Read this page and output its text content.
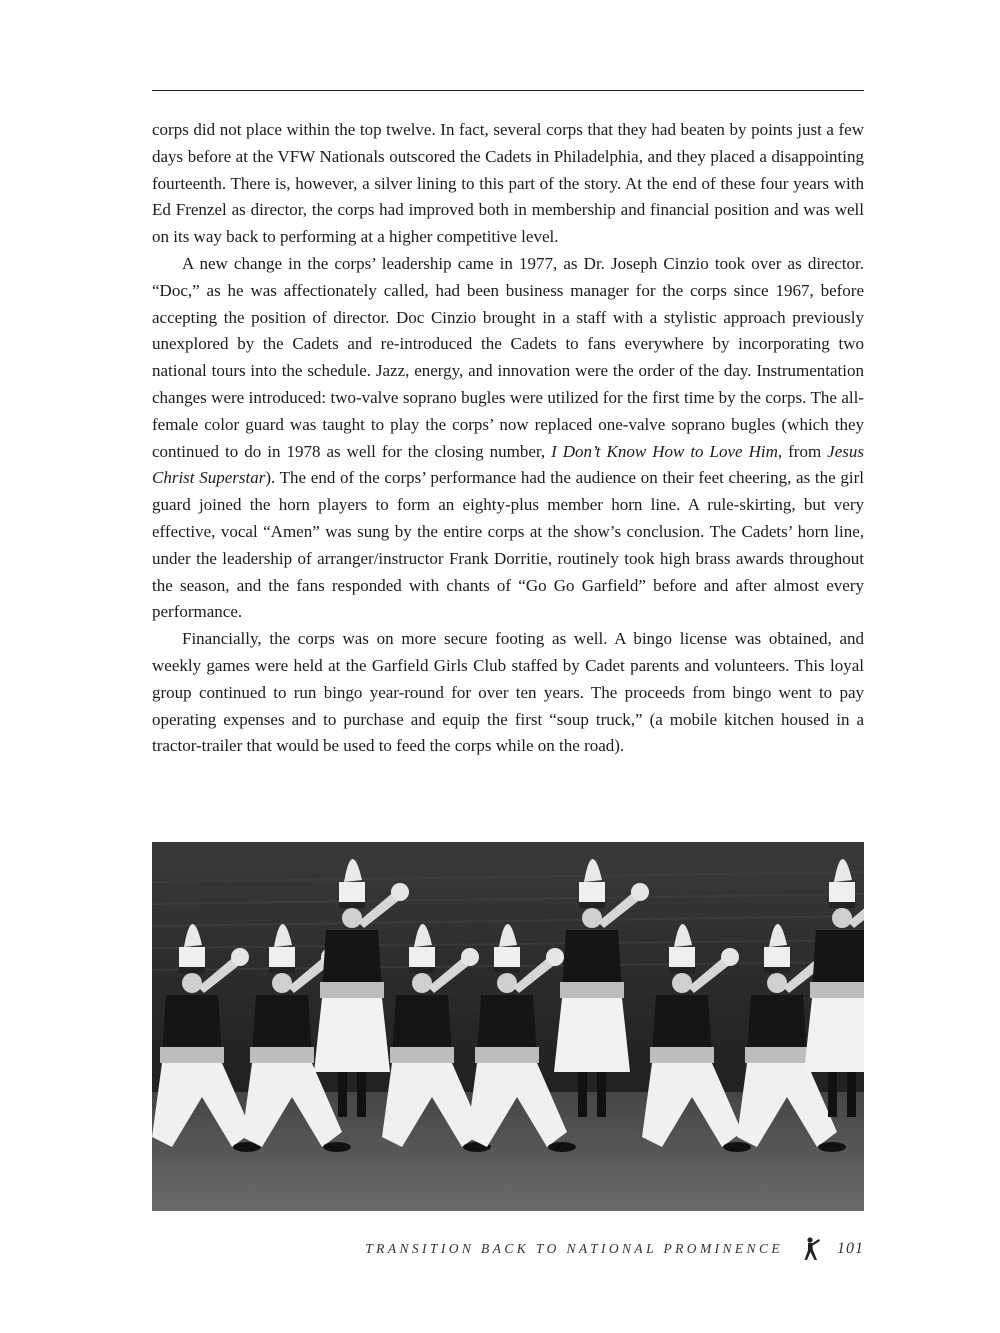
corps did not place within the top twelve. In fact, several corps that they had beaten by points just a few days before at the VFW Nationals outscored the Cadets in Philadelphia, and they placed a disappointing fourteenth. There is, however, a silver lining to this part of the story. At the end of these four years with Ed Frenzel as director, the corps had improved both in membership and financial position and was well on its way back to performing at a higher competitive level.

A new change in the corps’ leadership came in 1977, as Dr. Joseph Cinzio took over as director. “Doc,” as he was affectionately called, had been business manager for the corps since 1967, before accepting the position of director. Doc Cinzio brought in a staff with a stylistic approach previously unexplored by the Cadets and re-introduced the Cadets to fans everywhere by incorporating two national tours into the schedule. Jazz, energy, and innovation were the order of the day. Instrumentation changes were introduced: two-valve soprano bugles were utilized for the first time by the corps. The all-female color guard was taught to play the corps’ now replaced one-valve soprano bugles (which they continued to do in 1978 as well for the closing number, I Don’t Know How to Love Him, from Jesus Christ Superstar). The end of the corps’ performance had the audience on their feet cheering, as the girl guard joined the horn players to form an eighty-plus member horn line. A rule-skirting, but very effective, vocal “Amen” was sung by the entire corps at the show’s conclusion. The Cadets’ horn line, under the leadership of arranger/instructor Frank Dorritie, routinely took high brass awards throughout the season, and the fans responded with chants of “Go Go Garfield” before and after almost every performance.

Financially, the corps was on more secure footing as well. A bingo license was obtained, and weekly games were held at the Garfield Girls Club staffed by Cadet parents and volunteers. This loyal group continued to run bingo year-round for over ten years. The proceeds from bingo went to pay operating expenses and to purchase and equip the first “soup truck,” (a mobile kitchen housed in a tractor-trailer that would be used to feed the corps while on the road).

TRANSITION BACK TO NATIONAL PROMINENCE	101
